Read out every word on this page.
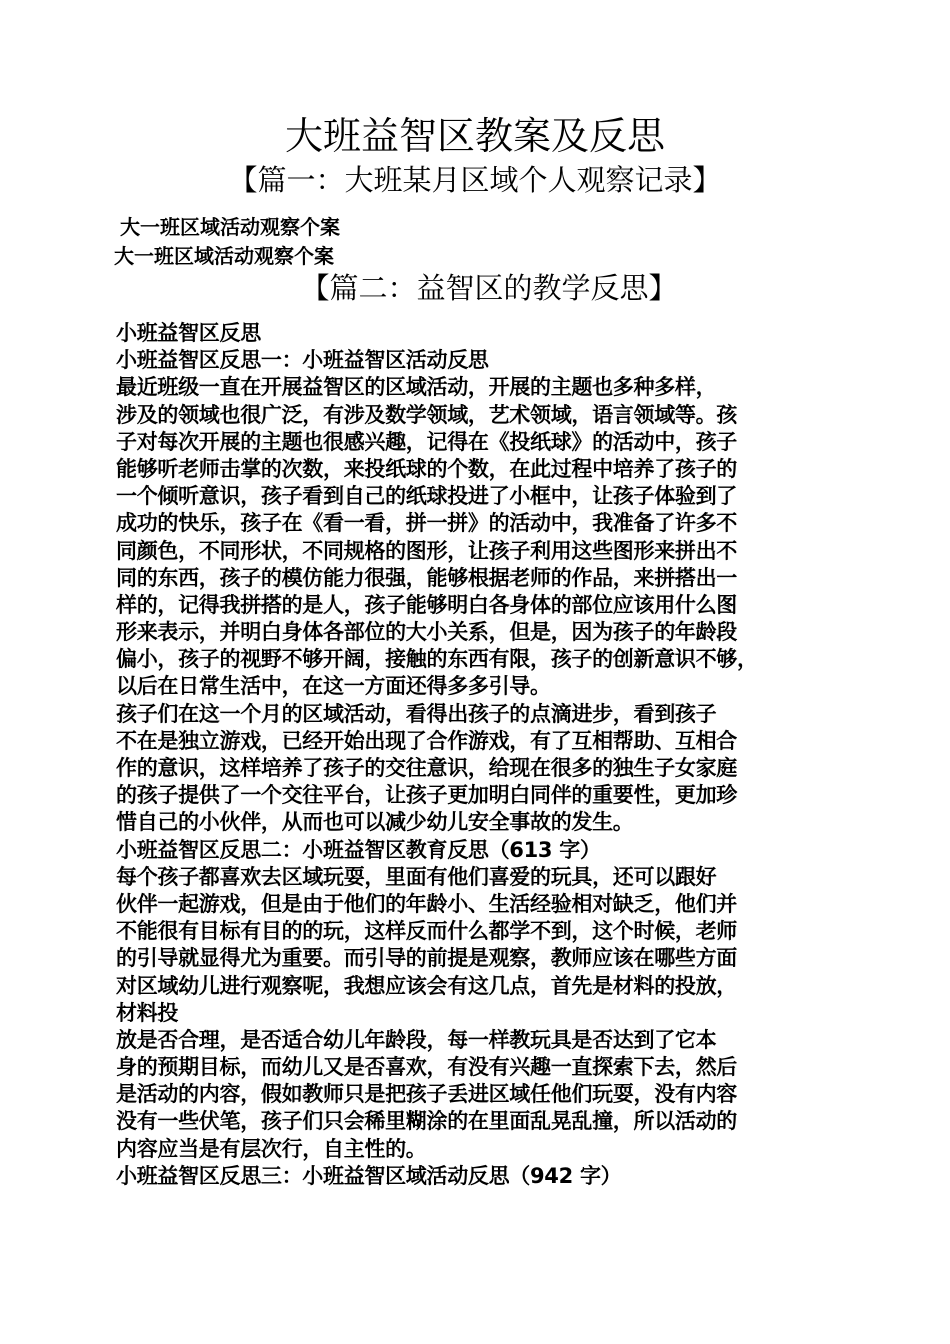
大班益智区教案及反思
【篇一：大班某月区域个人观察记录】
大一班区域活动观察个案
大一班区域活动观察个案
【篇二：益智区的教学反思】
小班益智区反思
小班益智区反思一：小班益智区活动反思
最近班级一直在开展益智区的区域活动，开展的主题也多种多样，
涉及的领域也很广泛，有涉及数学领域，艺术领域，语言领域等。孩
子对每次开展的主题也很感兴趣，记得在《投纸球》的活动中，孩子
能够听老师击掌的次数，来投纸球的个数，在此过程中培养了孩子的
一个倾听意识，孩子看到自己的纸球投进了小框中，让孩子体验到了
成功的快乐，孩子在《看一看，拼一拼》的活动中，我准备了许多不
同颜色，不同形状，不同规格的图形，让孩子利用这些图形来拼出不
同的东西，孩子的模仿能力很强，能够根据老师的作品，来拼搭出一
样的，记得我拼搭的是人，孩子能够明白各身体的部位应该用什么图
形来表示，并明白身体各部位的大小关系，但是，因为孩子的年龄段
偏小，孩子的视野不够开阔，接触的东西有限，孩子的创新意识不够，
以后在日常生活中，在这一方面还得多多引导。
孩子们在这一个月的区域活动，看得出孩子的点滴进步，看到孩子
不在是独立游戏，已经开始出现了合作游戏，有了互相帮助、互相合
作的意识，这样培养了孩子的交往意识，给现在很多的独生子女家庭
的孩子提供了一个交往平台，让孩子更加明白同伴的重要性，更加珍
惜自己的小伙伴，从而也可以减少幼儿安全事故的发生。
小班益智区反思二：小班益智区教育反思（613 字）
每个孩子都喜欢去区域玩耍，里面有他们喜爱的玩具，还可以跟好
伙伴一起游戏，但是由于他们的年龄小、生活经验相对缺乏，他们并
不能很有目标有目的的玩，这样反而什么都学不到，这个时候，老师
的引导就显得尤为重要。而引导的前提是观察，教师应该在哪些方面
对区域幼儿进行观察呢，我想应该会有这几点，首先是材料的投放，
材料投
放是否合理，是否适合幼儿年龄段，每一样教玩具是否达到了它本
身的预期目标，而幼儿又是否喜欢，有没有兴趣一直探索下去，然后
是活动的内容，假如教师只是把孩子丢进区域任他们玩耍，没有内容
没有一些伏笔，孩子们只会稀里糊涂的在里面乱晃乱撞，所以活动的
内容应当是有层次行，自主性的。
小班益智区反思三：小班益智区域活动反思（942 字）
